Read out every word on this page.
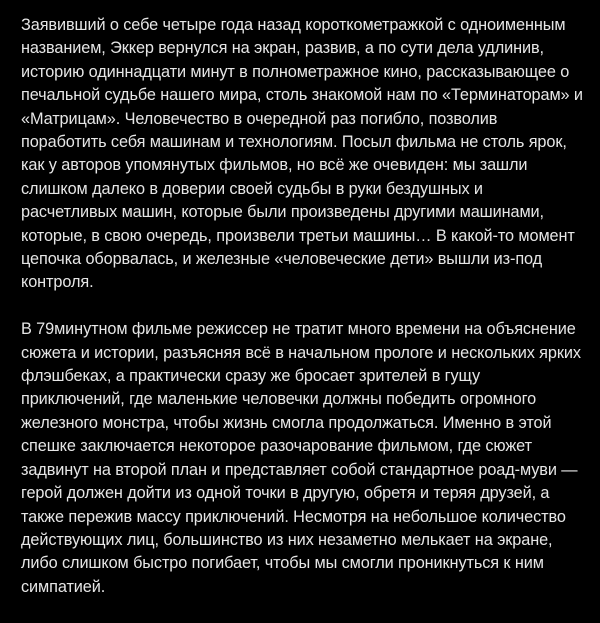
Заявивший о себе четыре года назад короткометражкой с одноименным
названием, Эккер вернулся на экран, развив, а по сути дела удлинив,
историю одиннадцати минут в полнометражное кино, рассказывающее о
печальной судьбе нашего мира, столь знакомой нам по «Терминаторам» и
«Матрицам». Человечество в очередной раз погибло, позволив
поработить себя машинам и технологиям. Посыл фильма не столь ярок,
как у авторов упомянутых фильмов, но всё же очевиден: мы зашли
слишком далеко в доверии своей судьбы в руки бездушных и
расчетливых машин, которые были произведены другими машинами,
которые, в свою очередь, произвели третьи машины… В какой-то момент
цепочка оборвалась, и железные «человеческие дети» вышли из-под
контроля.

В 79минутном фильме режиссер не тратит много времени на объяснение
сюжета и истории, разъясняя всё в начальном прологе и нескольких ярких
флэшбеках, а практически сразу же бросает зрителей в гущу
приключений, где маленькие человечки должны победить огромного
железного монстра, чтобы жизнь смогла продолжаться. Именно в этой
спешке заключается некоторое разочарование фильмом, где сюжет
задвинут на второй план и представляет собой стандартное роад-муви —
герой должен дойти из одной точки в другую, обретя и теряя друзей, а
также пережив массу приключений. Несмотря на небольшое количество
действующих лиц, большинство из них незаметно мелькает на экране,
либо слишком быстро погибает, чтобы мы смогли проникнуться к ним
симпатией.
